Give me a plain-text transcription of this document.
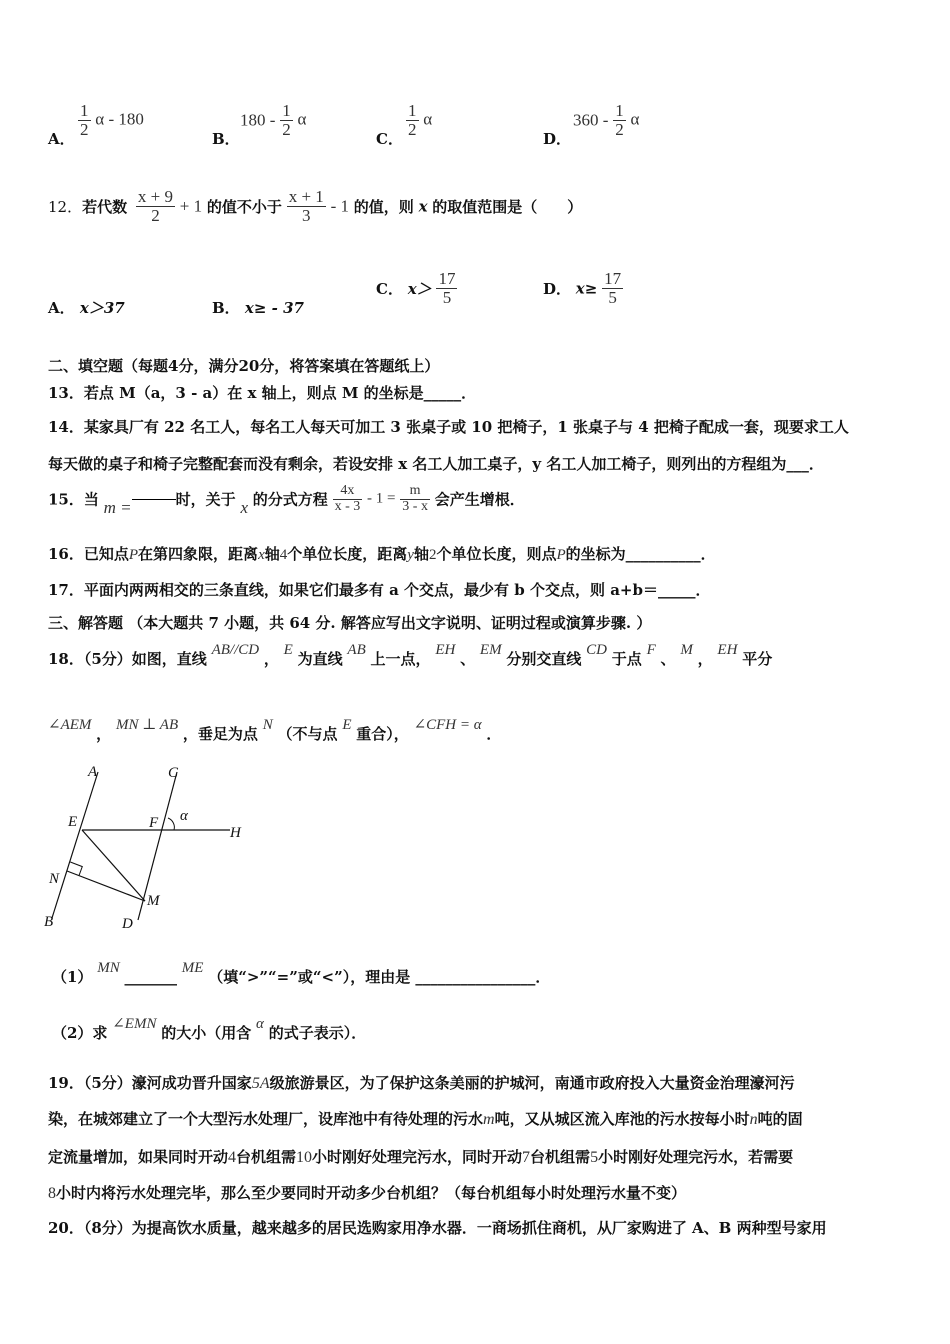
A．
$\frac{1}{2}$ α - 180
B．
$180 - \frac{1}{2}$ α
C．
$\frac{1}{2}$ α
D．
$360 - \frac{1}{2}$ α
12．若代数 $\frac{x + 9}{2} + 1$ 的值不小于 $\frac{x + 1}{3} - 1$ 的值，则 x 的取值范围是（　　）
A． x＞37	B． x≥ - 37
C． $x> \frac{17}{5}$	D． $x\ge \frac{17}{5}$
二、填空题（每题4分，满分20分，将答案填在答题纸上）
13．若点 M（a，3 - a）在 x 轴上，则点 M 的坐标是_____．
14．某家具厂有 22 名工人，每名工人每天可加工 3 张桌子或 10 把椅子，1 张桌子与 4 把椅子配成一套，现要求工人
每天做的桌子和椅子完整配套而没有剩余，若设安排 x 名工人加工桌子，y 名工人加工椅子，则列出的方程组为___．
15．当 m =	时，关于 x 的分式方程 $\frac{4x}{x - 3} - 1 = \frac{m}{3 - x}$ 会产生增根．
16．已知点P在第四象限，距离x轴4个单位长度，距离y轴2个单位长度，则点P的坐标为__________．
17．平面内两两相交的三条直线，如果它们最多有 a 个交点，最少有 b 个交点，则 a+b＝_____．
三、解答题 （本大题共 7 小题，共 64 分. 解答应写出文字说明、证明过程或演算步骤. ）
18．（5分）如图，直线 AB//CD ， E 为直线 AB 上一点， EH 、 EM 分别交直线 CD 于点 F 、 M ， EH 平分
∠AEM ， MN ⊥ AB ，垂足为点 N （不与点 E 重合）， ∠CFH = α ．
A	C
E	F α
H
N
M
B	D
（1） MN _______ ME （填“>”“=”或“<”），理由是 ________________．
（2）求 ∠EMN 的大小（用含 α 的式子表示）．
19．（5分）濠河成功晋升国家5A级旅游景区，为了保护这条美丽的护城河，南通市政府投入大量资金治理濠河污
染，在城郊建立了一个大型污水处理厂，设库池中有待处理的污水m吨，又从城区流入库池的污水按每小时n吨的固
定流量增加，如果同时开动4台机组需10小时刚好处理完污水，同时开动7台机组需5小时刚好处理完污水，若需要
8小时内将污水处理完毕，那么至少要同时开动多少台机组？（每台机组每小时处理污水量不变）
20．（8分）为提高饮水质量，越来越多的居民选购家用净水器．一商场抓住商机，从厂家购进了 A、B 两种型号家用
